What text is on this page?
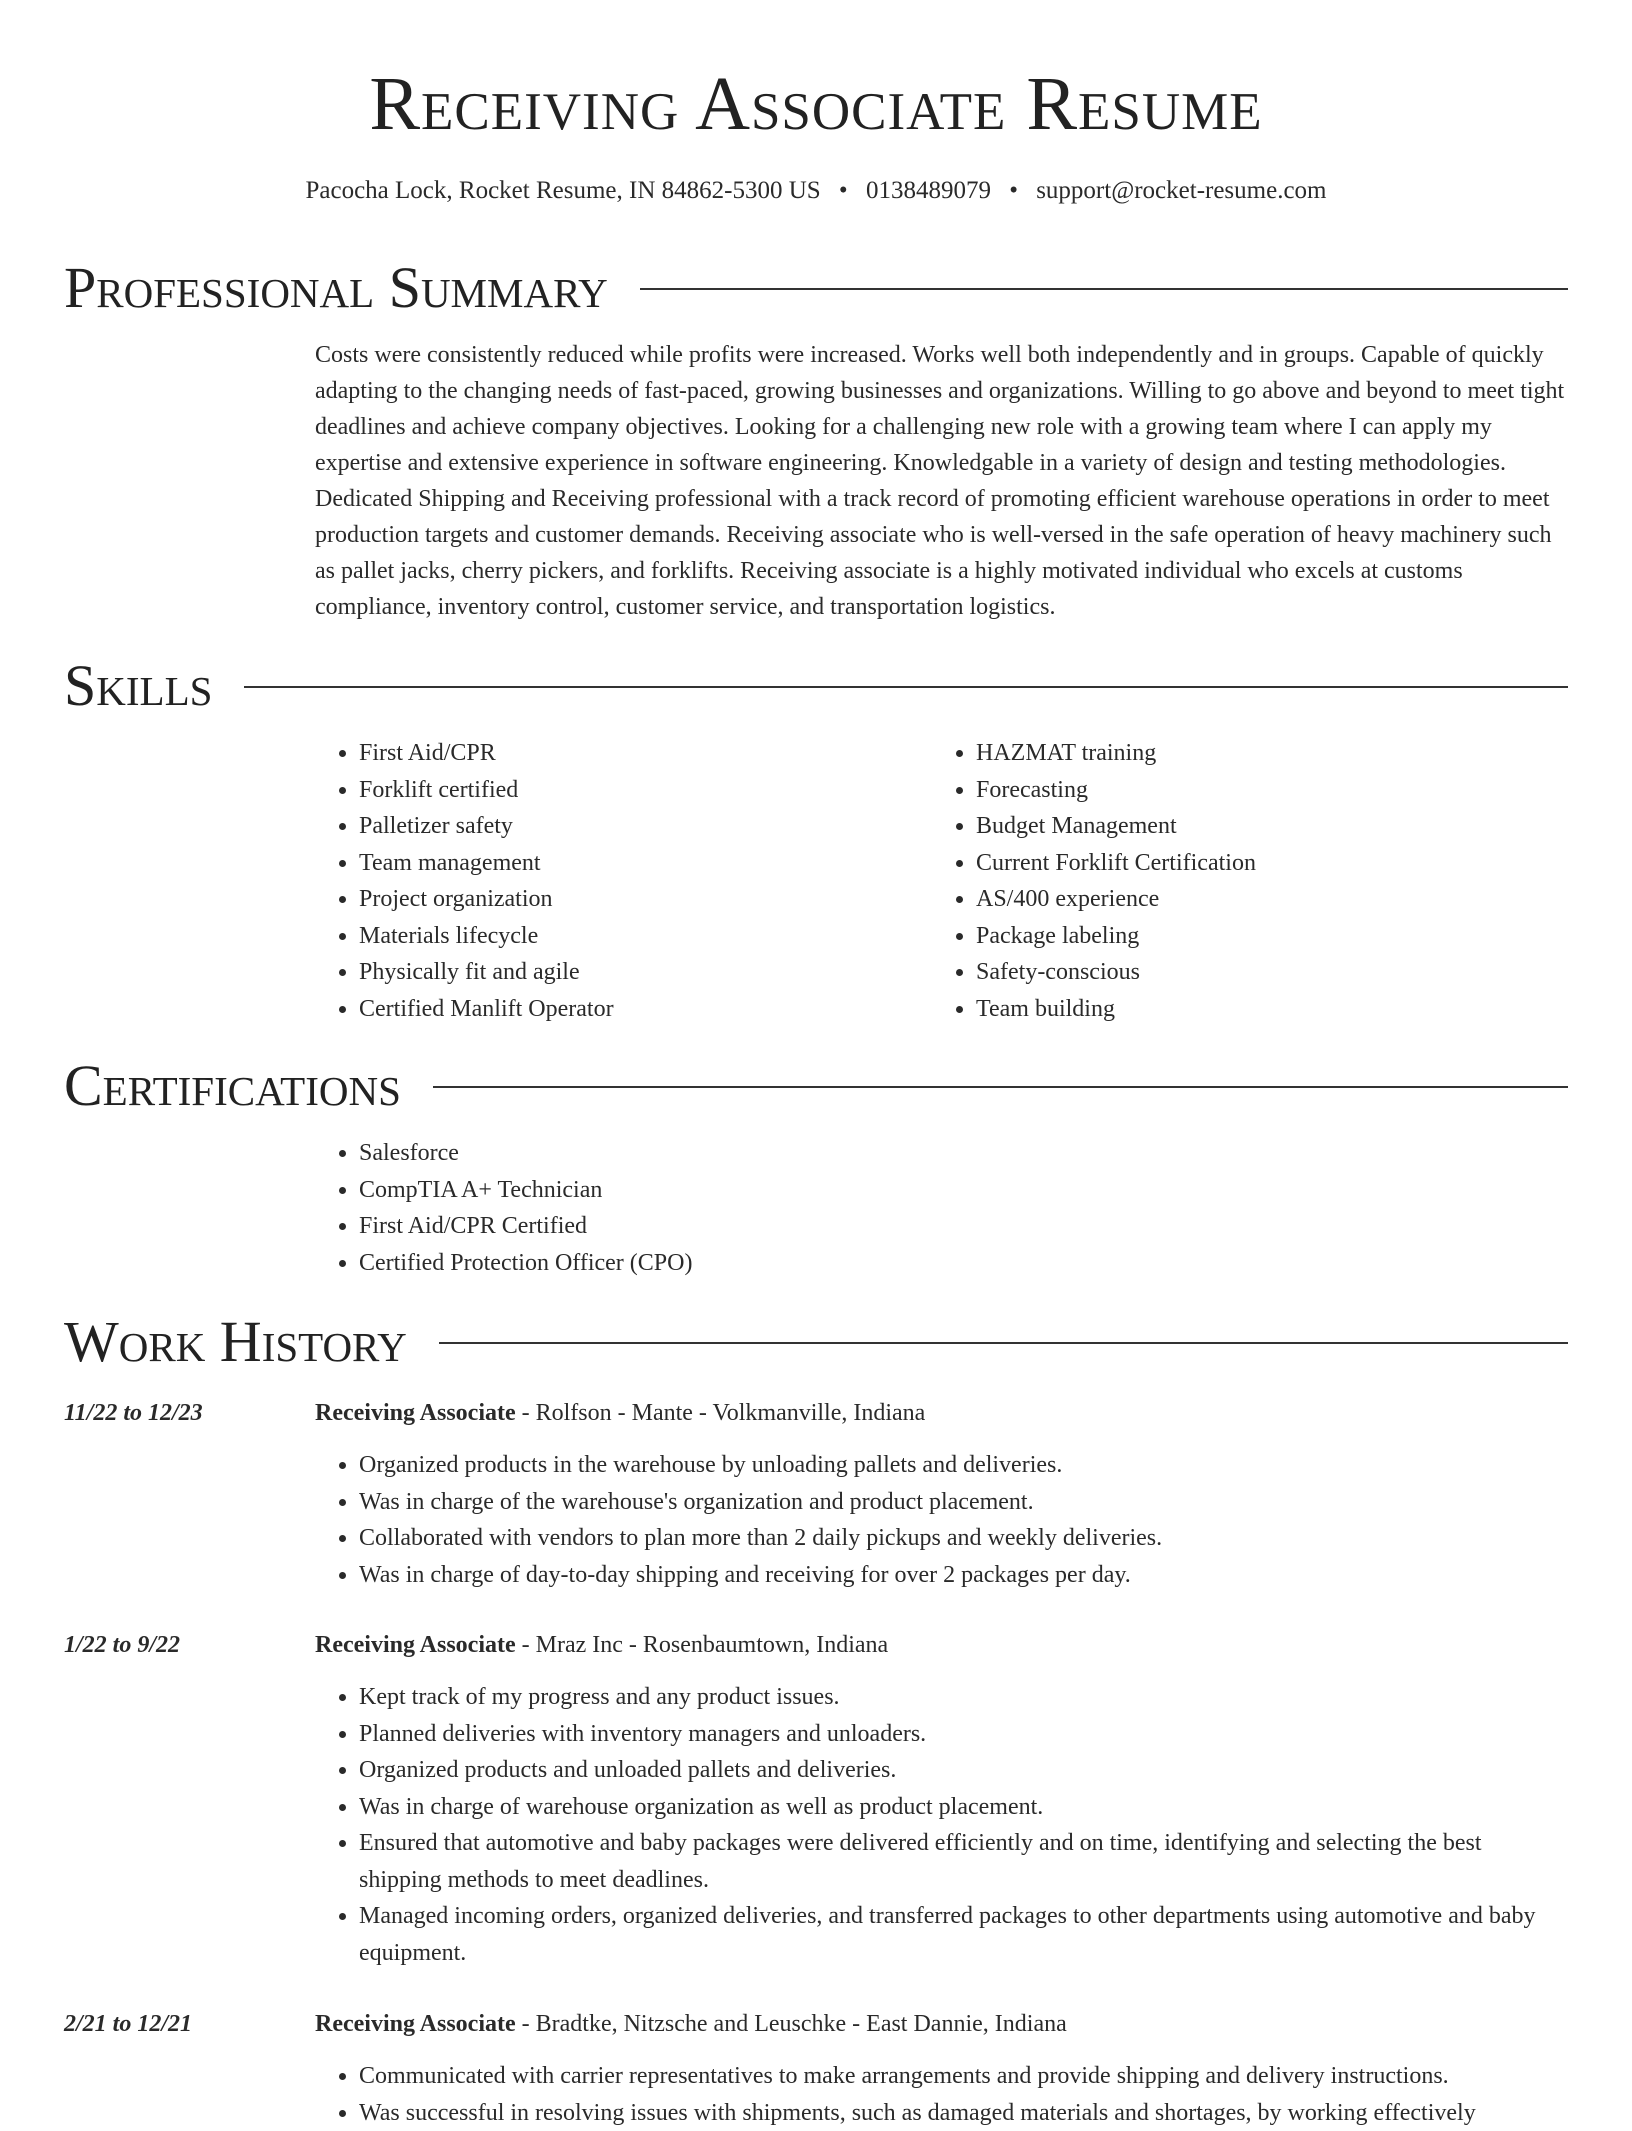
Receiving Associate Resume
Pacocha Lock, Rocket Resume, IN 84862-5300 US • 0138489079 • support@rocket-resume.com
Professional Summary

Costs were consistently reduced while profits were increased. Works well both independently and in groups. Capable of quickly adapting to the changing needs of fast-paced, growing businesses and organizations. Willing to go above and beyond to meet tight deadlines and achieve company objectives. Looking for a challenging new role with a growing team where I can apply my expertise and extensive experience in software engineering. Knowledgable in a variety of design and testing methodologies. Dedicated Shipping and Receiving professional with a track record of promoting efficient warehouse operations in order to meet production targets and customer demands. Receiving associate who is well-versed in the safe operation of heavy machinery such as pallet jacks, cherry pickers, and forklifts. Receiving associate is a highly motivated individual who excels at customs compliance, inventory control, customer service, and transportation logistics.

Skills
• First Aid/CPR
• Forklift certified
• Palletizer safety
• Team management
• Project organization
• Materials lifecycle
• Physically fit and agile
• Certified Manlift Operator
• HAZMAT training
• Forecasting
• Budget Management
• Current Forklift Certification
• AS/400 experience
• Package labeling
• Safety-conscious
• Team building
Certifications
• Salesforce
• CompTIA A+ Technician
• First Aid/CPR Certified
• Certified Protection Officer (CPO)
Work History
11/22 to 12/23	Receiving Associate - Rolfson - Mante - Volkmanville, Indiana
• Organized products in the warehouse by unloading pallets and deliveries.
• Was in charge of the warehouse's organization and product placement.
• Collaborated with vendors to plan more than 2 daily pickups and weekly deliveries.
• Was in charge of day-to-day shipping and receiving for over 2 packages per day.
1/22 to 9/22	Receiving Associate - Mraz Inc - Rosenbaumtown, Indiana
• Kept track of my progress and any product issues.
• Planned deliveries with inventory managers and unloaders.
• Organized products and unloaded pallets and deliveries.
• Was in charge of warehouse organization as well as product placement.
• Ensured that automotive and baby packages were delivered efficiently and on time, identifying and selecting the best shipping methods to meet deadlines.
• Managed incoming orders, organized deliveries, and transferred packages to other departments using automotive and baby equipment.
2/21 to 12/21	Receiving Associate - Bradtke, Nitzsche and Leuschke - East Dannie, Indiana
• Communicated with carrier representatives to make arrangements and provide shipping and delivery instructions.
• Was successful in resolving issues with shipments, such as damaged materials and shortages, by working effectively
